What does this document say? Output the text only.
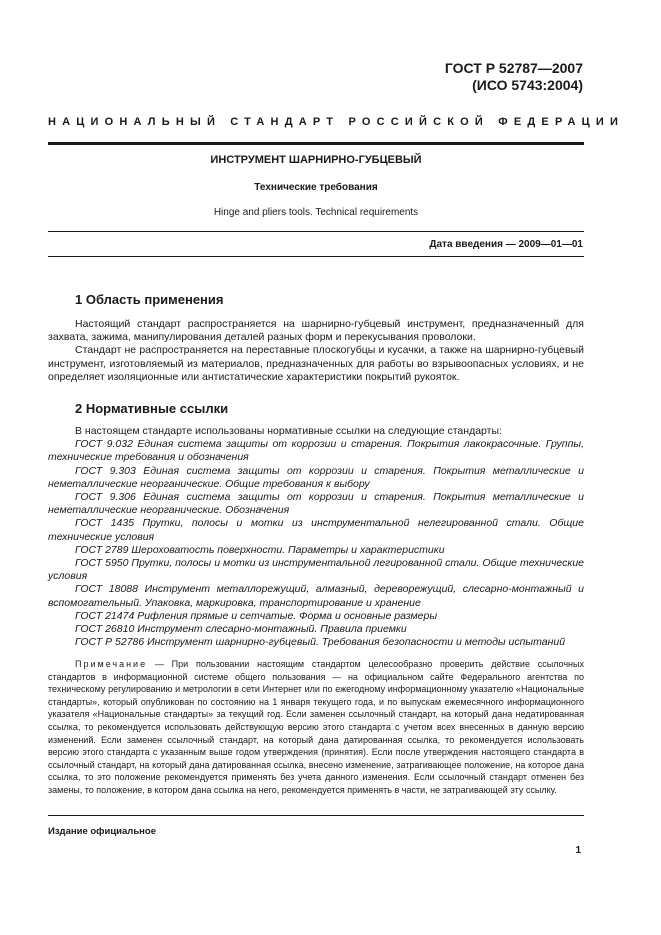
ГОСТ Р 52787—2007
(ИСО 5743:2004)
НАЦИОНАЛЬНЫЙ СТАНДАРТ РОССИЙСКОЙ ФЕДЕРАЦИИ
ИНСТРУМЕНТ ШАРНИРНО-ГУБЦЕВЫЙ
Технические требования
Hinge and pliers tools. Technical requirements
Дата введения — 2009—01—01
1 Область применения

Настоящий стандарт распространяется на шарнирно-губцевый инструмент, предназначенный для захвата, зажима, манипулирования деталей разных форм и перекусывания проволоки.

Стандарт не распространяется на переставные плоскогубцы и кусачки, а также на шарнирно-губцевый инструмент, изготовляемый из материалов, предназначенных для работы во взрывоопасных условиях, и не определяет изоляционные или антистатические характеристики покрытий рукояток.

2 Нормативные ссылки

В настоящем стандарте использованы нормативные ссылки на следующие стандарты:

ГОСТ 9.032 Единая система защиты от коррозии и старения. Покрытия лакокрасочные. Группы, технические требования и обозначения

ГОСТ 9.303 Единая система защиты от коррозии и старения. Покрытия металлические и неметаллические неорганические. Общие требования к выбору

ГОСТ 9.306 Единая система защиты от коррозии и старения. Покрытия металлические и неметаллические неорганические. Обозначения

ГОСТ 1435 Прутки, полосы и мотки из инструментальной нелегированной стали. Общие технические условия

ГОСТ 2789 Шероховатость поверхности. Параметры и характеристики

ГОСТ 5950 Прутки, полосы и мотки из инструментальной легированной стали. Общие технические условия

ГОСТ 18088 Инструмент металлорежущий, алмазный, дереворежущий, слесарно-монтажный и вспомогательный. Упаковка, маркировка, транспортирование и хранение

ГОСТ 21474 Рифления прямые и сетчатые. Форма и основные размеры

ГОСТ 26810 Инструмент слесарно-монтажный. Правила приемки

ГОСТ Р 52786 Инструмент шарнирно-губцевый. Требования безопасности и методы испытаний

Примечание — При пользовании настоящим стандартом целесообразно проверить действие ссылочных стандартов в информационной системе общего пользования — на официальном сайте Федерального агентства по техническому регулированию и метрологии в сети Интернет или по ежегодному информационному указателю «Национальные стандарты», который опубликован по состоянию на 1 января текущего года, и по выпускам ежемесячного информационного указателя «Национальные стандарты» за текущий год. Если заменен ссылочный стандарт, на который дана недатированная ссылка, то рекомендуется использовать действующую версию этого стандарта с учетом всех внесенных в данную версию изменений. Если заменен ссылочный стандарт, на который дана датированная ссылка, то рекомендуется использовать версию этого стандарта с указанным выше годом утверждения (принятия). Если после утверждения настоящего стандарта в ссылочный стандарт, на который дана датированная ссылка, внесено изменение, затрагивающее положение, на которое дана ссылка, то это положение рекомендуется применять без учета данного изменения. Если ссылочный стандарт отменен без замены, то положение, в котором дана ссылка на него, рекомендуется применять в части, не затрагивающей эту ссылку.

Издание официальное
1
